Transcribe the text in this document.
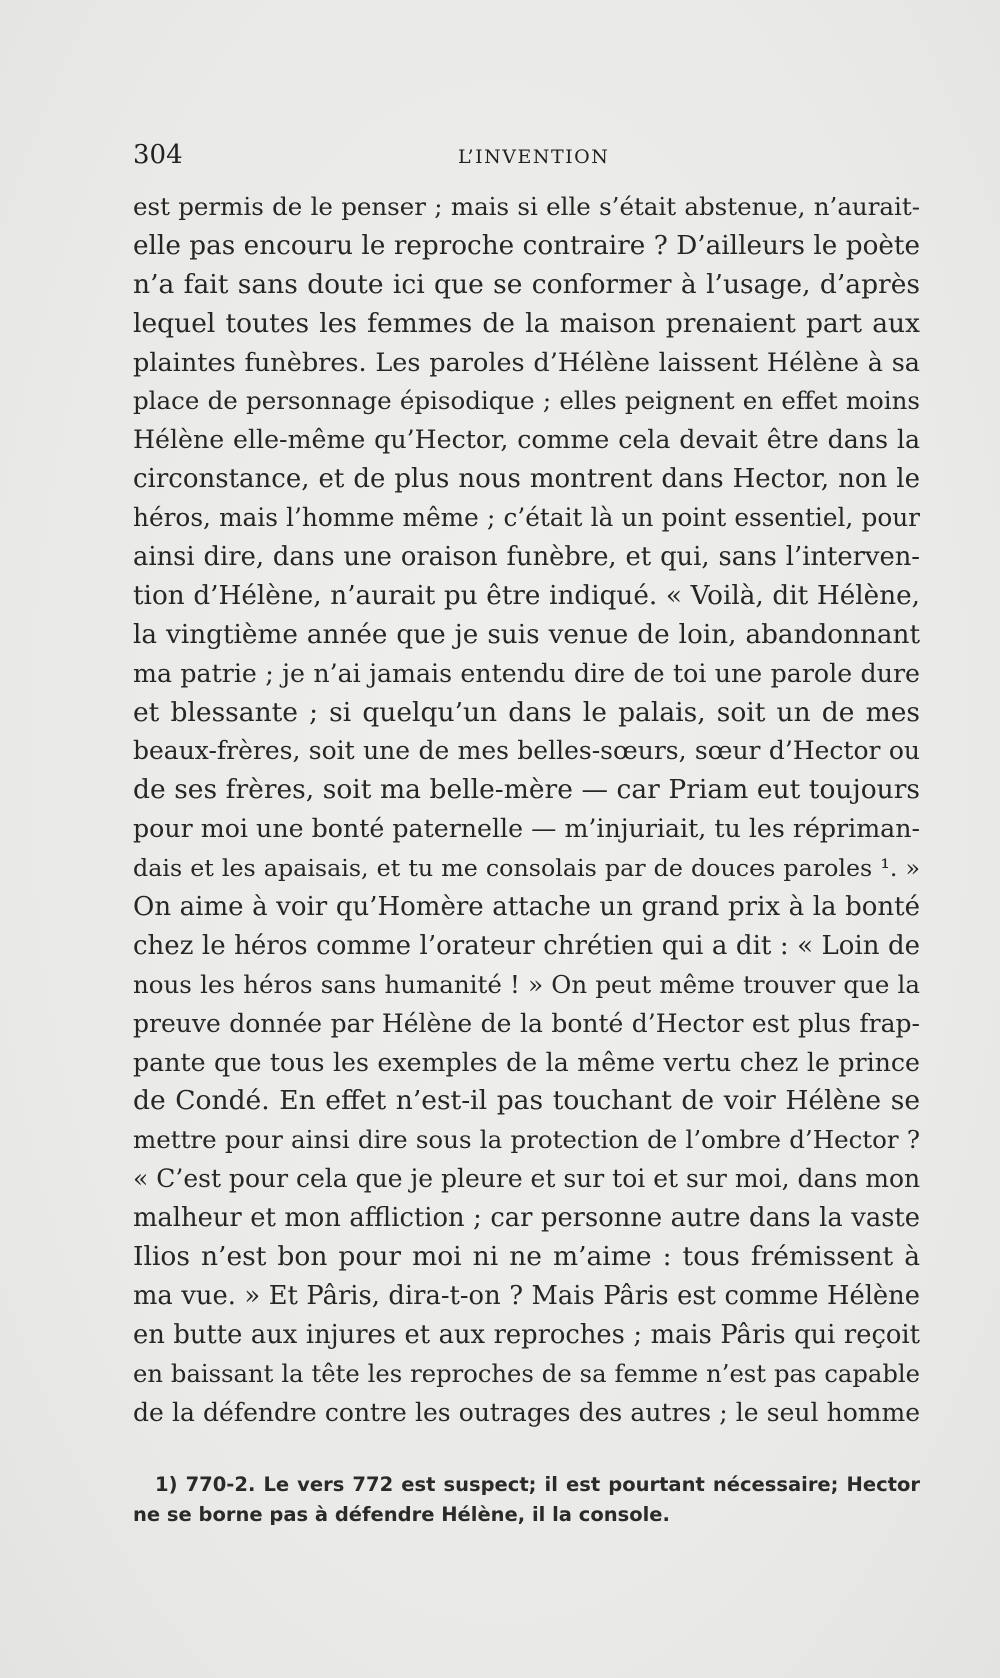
304	L’INVENTION
est permis de le penser ; mais si elle s’était abstenue, n’aurait-
elle pas encouru le reproche contraire ? D’ailleurs le poète
n’a fait sans doute ici que se conformer à l’usage, d’après
lequel toutes les femmes de la maison prenaient part aux
plaintes funèbres. Les paroles d’Hélène laissent Hélène à sa
place de personnage épisodique ; elles peignent en effet moins
Hélène elle-même qu’Hector, comme cela devait être dans la
circonstance, et de plus nous montrent dans Hector, non le
héros, mais l’homme même ; c’était là un point essentiel, pour
ainsi dire, dans une oraison funèbre, et qui, sans l’interven-
tion d’Hélène, n’aurait pu être indiqué. « Voilà, dit Hélène,
la vingtième année que je suis venue de loin, abandonnant
ma patrie ; je n’ai jamais entendu dire de toi une parole dure
et blessante ; si quelqu’un dans le palais, soit un de mes
beaux-frères, soit une de mes belles-sœurs, sœur d’Hector ou
de ses frères, soit ma belle-mère — car Priam eut toujours
pour moi une bonté paternelle — m’injuriait, tu les répriman-
dais et les apaisais, et tu me consolais par de douces paroles ¹. »
On aime à voir qu’Homère attache un grand prix à la bonté
chez le héros comme l’orateur chrétien qui a dit : « Loin de
nous les héros sans humanité ! » On peut même trouver que la
preuve donnée par Hélène de la bonté d’Hector est plus frap-
pante que tous les exemples de la même vertu chez le prince
de Condé. En effet n’est-il pas touchant de voir Hélène se
mettre pour ainsi dire sous la protection de l’ombre d’Hector ?
« C’est pour cela que je pleure et sur toi et sur moi, dans mon
malheur et mon affliction ; car personne autre dans la vaste
Ilios n’est bon pour moi ni ne m’aime : tous frémissent à
ma vue. » Et Pâris, dira-t-on ? Mais Pâris est comme Hélène
en butte aux injures et aux reproches ; mais Pâris qui reçoit
en baissant la tête les reproches de sa femme n’est pas capable
de la défendre contre les outrages des autres ; le seul homme
1) 770-2. Le vers 772 est suspect; il est pourtant nécessaire; Hector
ne se borne pas à défendre Hélène, il la console.
